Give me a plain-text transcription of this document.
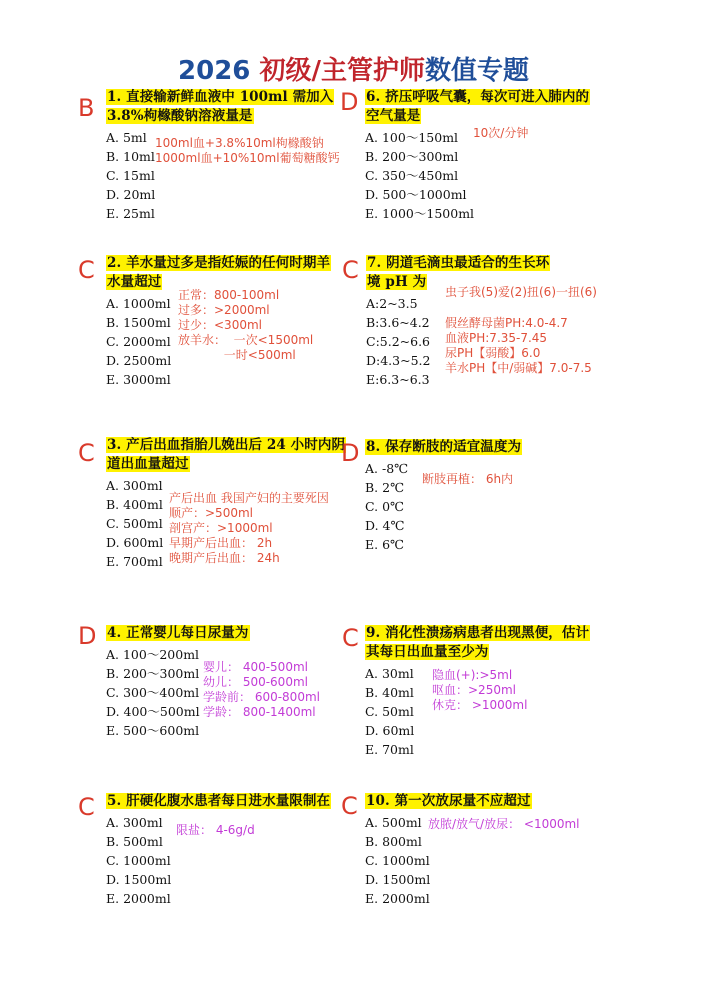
2026 初级/主管护师数值专题
B 1. 直接输新鲜血液中 100ml 需加入
3.8%枸橼酸钠溶液量是
A. 5ml
B. 10ml
C. 15ml
D. 20ml
E. 25ml
100ml血+3.8%10ml枸橼酸钠
1000ml血+10%10ml葡萄糖酸钙
C 2. 羊水量过多是指妊娠的任何时期羊
水量超过
A. 1000ml
B. 1500ml
C. 2000ml
D. 2500ml
E. 3000ml
正常：800-100ml
过多：>2000ml
过少：<300ml
放羊水：  一次<1500ml
一时<500ml
C 3. 产后出血指胎儿娩出后 24 小时内阴
道出血量超过
A. 300ml
B. 400ml
C. 500ml
D. 600ml
E. 700ml
产后出血 我国产妇的主要死因
顺产：>500ml
剖宫产：>1000ml
早期产后出血： 2h
晚期产后出血： 24h
D 4. 正常婴儿每日尿量为
A. 100～200ml
B. 200～300ml
C. 300～400ml
D. 400～500ml
E. 500～600ml
婴儿： 400-500ml
幼儿： 500-600ml
学龄前： 600-800ml
学龄： 800-1400ml
C 5. 肝硬化腹水患者每日进水量限制在
A. 300ml
B. 500ml
C. 1000ml
D. 1500ml
E. 2000ml
限盐： 4-6g/d
D 6. 挤压呼吸气囊，每次可进入肺内的
空气量是
A. 100～150ml
B. 200～300ml
C. 350～450ml
D. 500～1000ml
E. 1000～1500ml
10次/分钟
C 7. 阴道毛滴虫最适合的生长环
境 pH 为
A:2~3.5
B:3.6~4.2
C:5.2~6.6
D:4.3~5.2
E:6.3~6.3
虫子我(5)爱(2)扭(6)一扭(6)
假丝酵母菌PH:4.0-4.7
血液PH:7.35-7.45
尿PH【弱酸】6.0
羊水PH【中/弱碱】7.0-7.5
D 8. 保存断肢的适宜温度为
A. -8℃
B. 2℃
C. 0℃
D. 4℃
E. 6℃
断肢再植： 6h内
C 9. 消化性溃疡病患者出现黑便，估计
其每日出血量至少为
A. 30ml
B. 40ml
C. 50ml
D. 60ml
E. 70ml
隐血(+):>5ml
呕血：>250ml
休克： >1000ml
C 10. 第一次放尿量不应超过
A. 500ml
B. 800ml
C. 1000ml
D. 1500ml
E. 2000ml
放脓/放气/放尿： <1000ml
